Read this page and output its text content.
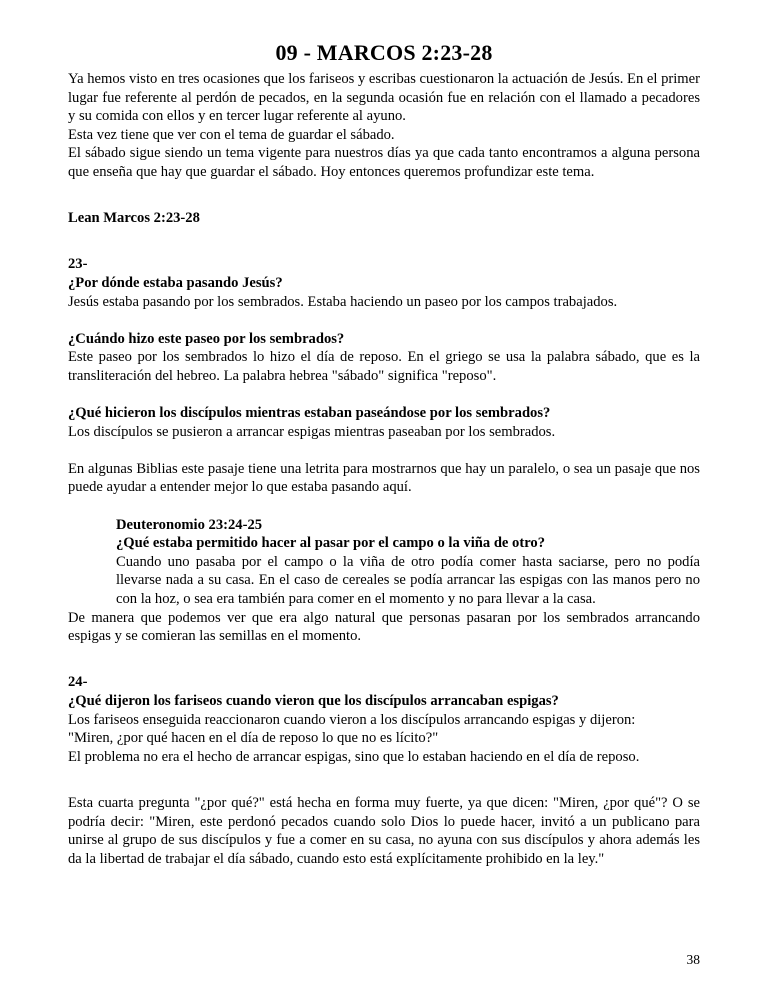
09 - MARCOS 2:23-28

Ya hemos visto en tres ocasiones que los fariseos y escribas cuestionaron la actuación de Jesús. En el primer lugar fue referente al perdón de pecados, en la segunda ocasión fue en relación con el llamado a pecadores y su comida con ellos y en tercer lugar referente al ayuno.

Esta vez tiene que ver con el tema de guardar el sábado.

El sábado sigue siendo un tema vigente para nuestros días ya que cada tanto encontramos a alguna persona que enseña que hay que guardar el sábado. Hoy entonces queremos profundizar este tema.

Lean Marcos 2:23-28

23-

¿Por dónde estaba pasando Jesús?

Jesús estaba pasando por los sembrados. Estaba haciendo un paseo por los campos trabajados.

¿Cuándo hizo este paseo por los sembrados?

Este paseo por los sembrados lo hizo el día de reposo. En el griego se usa la palabra sábado, que es la transliteración del hebreo. La palabra hebrea "sábado" significa "reposo".

¿Qué hicieron los discípulos mientras estaban paseándose por los sembrados?

Los discípulos se pusieron a arrancar espigas mientras paseaban por los sembrados.

En algunas Biblias este pasaje tiene una letrita para mostrarnos que hay un paralelo, o sea un pasaje que nos puede ayudar a entender mejor lo que estaba pasando aquí.

Deuteronomio 23:24-25

¿Qué estaba permitido hacer al pasar por el campo o la viña de otro?

Cuando uno pasaba por el campo o la viña de otro podía comer hasta saciarse, pero no podía llevarse nada a su casa. En el caso de cereales se podía arrancar las espigas con las manos pero no con la hoz, o sea era también para comer en el momento y no para llevar a la casa.

De manera que podemos ver que era algo natural que personas pasaran por los sembrados arrancando espigas y se comieran las semillas en el momento.

24-

¿Qué dijeron los fariseos cuando vieron que los discípulos arrancaban espigas?

Los fariseos enseguida reaccionaron cuando vieron a los discípulos arrancando espigas y dijeron:

"Miren, ¿por qué hacen en el día de reposo lo que no es lícito?"

El problema no era el hecho de arrancar espigas, sino que lo estaban haciendo en el día de reposo.

Esta cuarta pregunta "¿por qué?" está hecha en forma muy fuerte, ya que dicen: "Miren, ¿por qué"? O se podría decir: "Miren, este perdonó pecados cuando solo Dios lo puede hacer, invitó a un publicano para unirse al grupo de sus discípulos y fue a comer en su casa, no ayuna con sus discípulos y ahora además les da la libertad de trabajar el día sábado, cuando esto está explícitamente prohibido en la ley."

38
